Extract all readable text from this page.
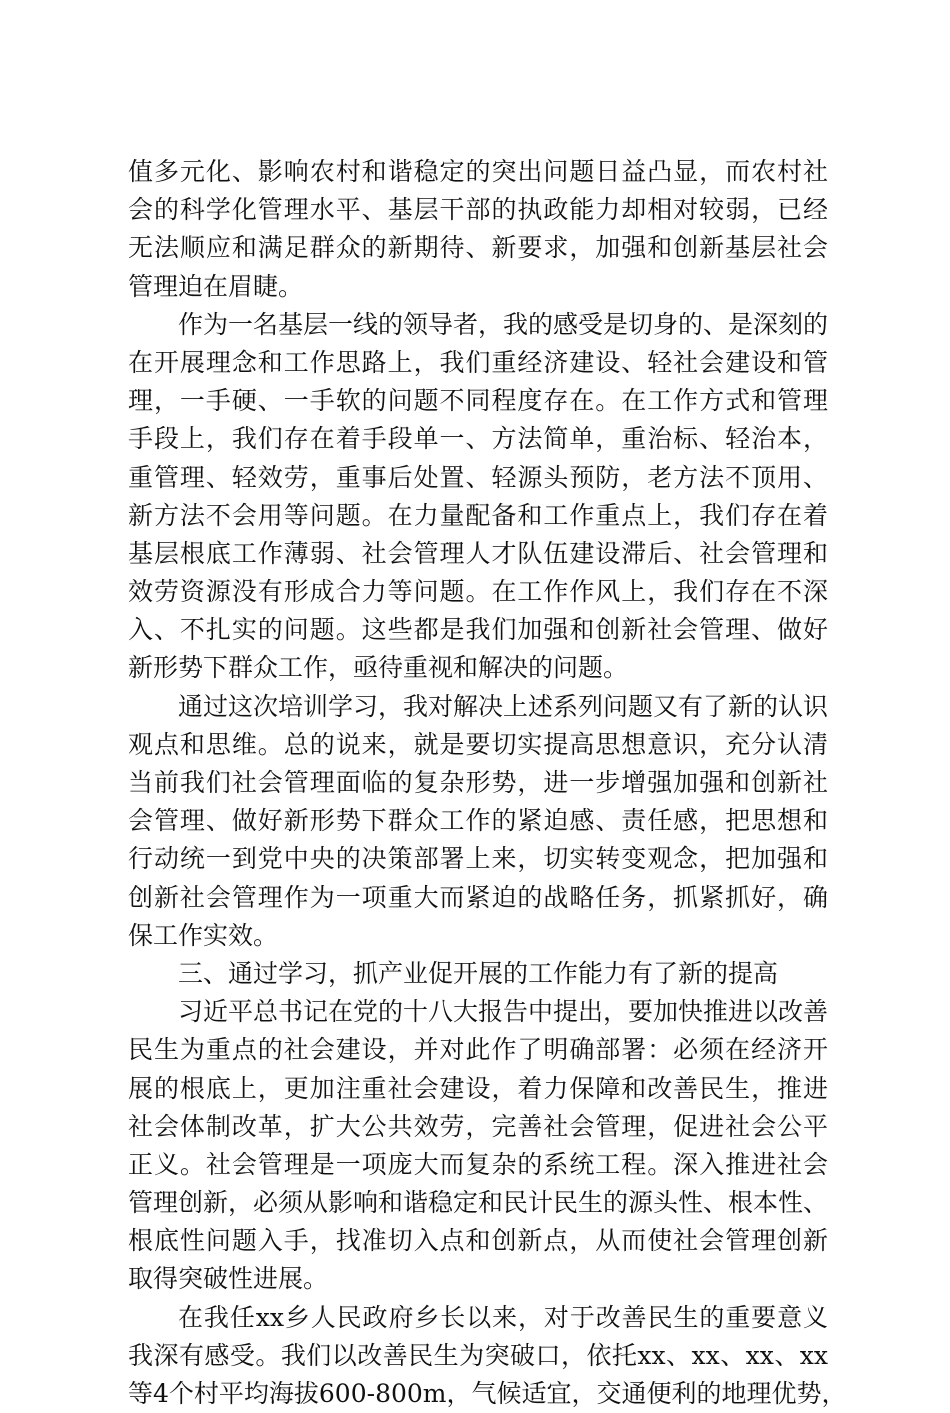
值多元化、影响农村和谐稳定的突出问题日益凸显，而农村社
会的科学化管理水平、基层干部的执政能力却相对较弱，已经
无法顺应和满足群众的新期待、新要求，加强和创新基层社会
管理迫在眉睫。
作为一名基层一线的领导者，我的感受是切身的、是深刻的
在开展理念和工作思路上，我们重经济建设、轻社会建设和管
理，一手硬、一手软的问题不同程度存在。在工作方式和管理
手段上，我们存在着手段单一、方法简单，重治标、轻治本，
重管理、轻效劳，重事后处置、轻源头预防，老方法不顶用、
新方法不会用等问题。在力量配备和工作重点上，我们存在着
基层根底工作薄弱、社会管理人才队伍建设滞后、社会管理和
效劳资源没有形成合力等问题。在工作作风上，我们存在不深
入、不扎实的问题。这些都是我们加强和创新社会管理、做好
新形势下群众工作，亟待重视和解决的问题。
通过这次培训学习，我对解决上述系列问题又有了新的认识
观点和思维。总的说来，就是要切实提高思想意识，充分认清
当前我们社会管理面临的复杂形势，进一步增强加强和创新社
会管理、做好新形势下群众工作的紧迫感、责任感，把思想和
行动统一到党中央的决策部署上来，切实转变观念，把加强和
创新社会管理作为一项重大而紧迫的战略任务，抓紧抓好，确
保工作实效。
三、通过学习，抓产业促开展的工作能力有了新的提高
习近平总书记在党的十八大报告中提出，要加快推进以改善
民生为重点的社会建设，并对此作了明确部署：必须在经济开
展的根底上，更加注重社会建设，着力保障和改善民生，推进
社会体制改革，扩大公共效劳，完善社会管理，促进社会公平
正义。社会管理是一项庞大而复杂的系统工程。深入推进社会
管理创新，必须从影响和谐稳定和民计民生的源头性、根本性、
根底性问题入手，找准切入点和创新点，从而使社会管理创新
取得突破性进展。
在我任xx乡人民政府乡长以来，对于改善民生的重要意义
我深有感受。我们以改善民生为突破口，依托xx、xx、xx、xx
等4个村平均海拔600-800m，气候适宜，交通便利的地理优势，
